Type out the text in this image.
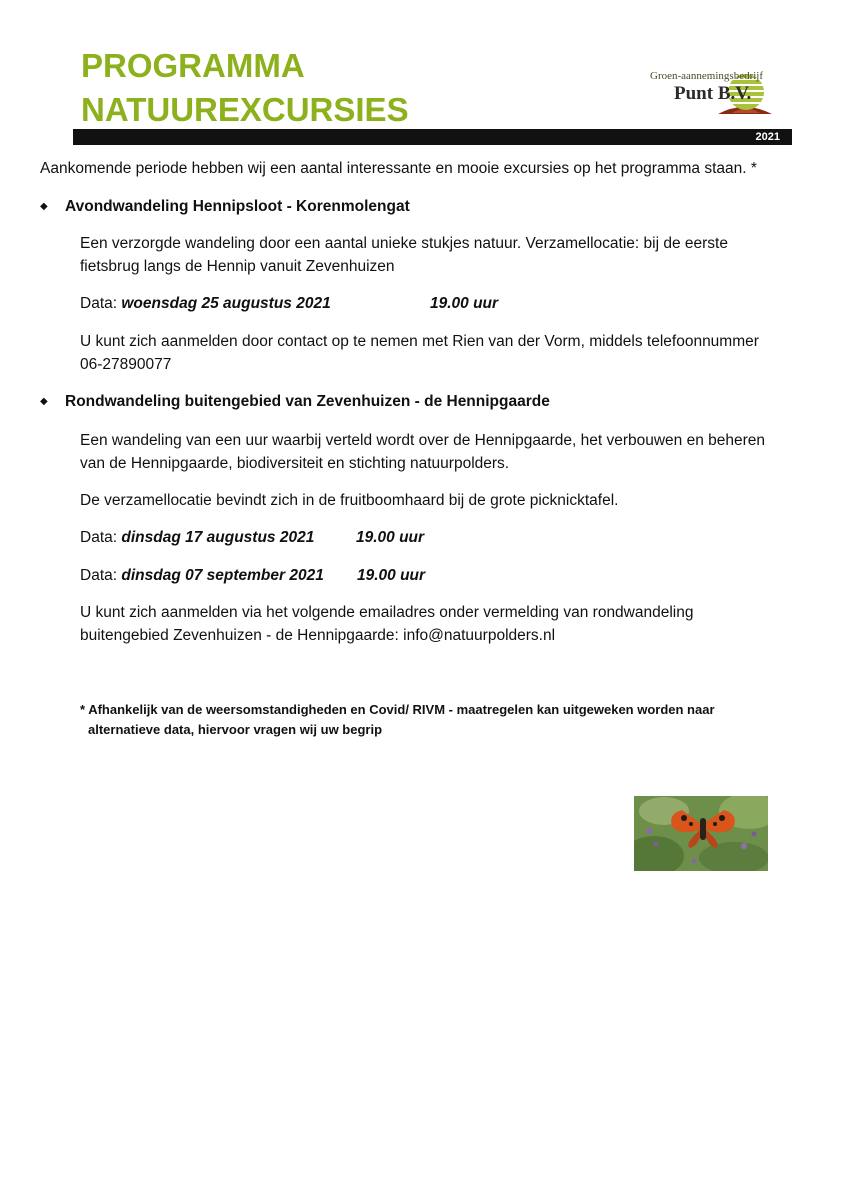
PROGRAMMA
NATUUREXCURSIES
Groen-aannemingsbedrijf
Punt B.V.
2021

Aankomende periode hebben wij een aantal interessante en mooie excursies op het programma staan. *

◆ Avondwandeling Hennipsloot - Korenmolengat

Een verzorgde wandeling door een aantal unieke stukjes natuur. Verzamellocatie: bij de eerste

fietsbrug langs de Hennip vanuit Zevenhuizen

Data: woensdag 25 augustus 2021	19.00 uur

U kunt zich aanmelden door contact op te nemen met Rien van der Vorm, middels telefoonnummer

06-27890077

◆ Rondwandeling buitengebied van Zevenhuizen - de Hennipgaarde

Een wandeling van een uur waarbij verteld wordt over de Hennipgaarde, het verbouwen en beheren

van de Hennipgaarde, biodiversiteit en stichting natuurpolders.

De verzamellocatie bevindt zich in de fruitboomhaard bij de grote picknicktafel.

Data: dinsdag 17 augustus 2021	19.00 uur

Data: dinsdag 07 september 2021 19.00 uur

U kunt zich aanmelden via het volgende emailadres onder vermelding van rondwandeling

buitengebied Zevenhuizen - de Hennipgaarde: info@natuurpolders.nl

* Afhankelijk van de weersomstandigheden en Covid/ RIVM - maatregelen kan uitgeweken worden naar
alternatieve data, hiervoor vragen wij uw begrip
